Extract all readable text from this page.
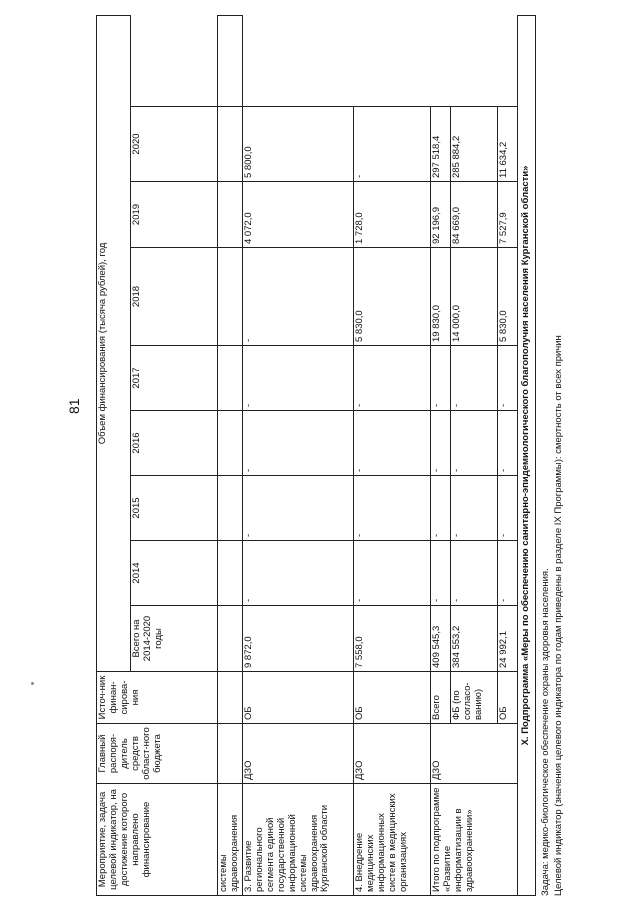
81
Мероприятие, задача целевой индикатор, на достижение которого направлено финансирование	Главный распоря-дитель средств област-ного бюджета	Источ-ник финан-сирова-ния	Объем финансирования (тысяча рублей), год								
			Всего на 2014-2020 годы	2014	2015	2016	2017	2018	2019	2020	
системы здравоохранения											
3. Развитие регионального сегмента единой государственной информационной системы здравоохранения Курганской области	ДЗО	ОБ	9 872,0	-	-	-	-	-	4 072,0	5 800,0	
4. Внедрение медицинских информационных систем в медицинских организациях	ДЗО	ОБ	7 558,0	-	-	-	-	5 830,0	1 728,0	-	
Итого по подпрограмме «Развитие информатизации в здравоохранении»	ДЗО	Всего	409 545,3	-	-	-	-	19 830,0	92 196,9	297 518,4	
		ФБ (по согласо-ванию)	384 553,2	-	-	-	-	14 000,0	84 669,0	285 884,2	
		ОБ	24 992,1	-	-	-	-	5 830,0	7 527,9	11 634,2	
X. Подпрограмма «Меры по обеспечению санитарно-эпидемиологического благополучия населения Курганской области»											Задача: медико-биологическое обеспечение охраны здоровья населения. Целевой индикатор (значения целевого индикатора по годам приведены в разделе IX Программы): смертность от всех причин
